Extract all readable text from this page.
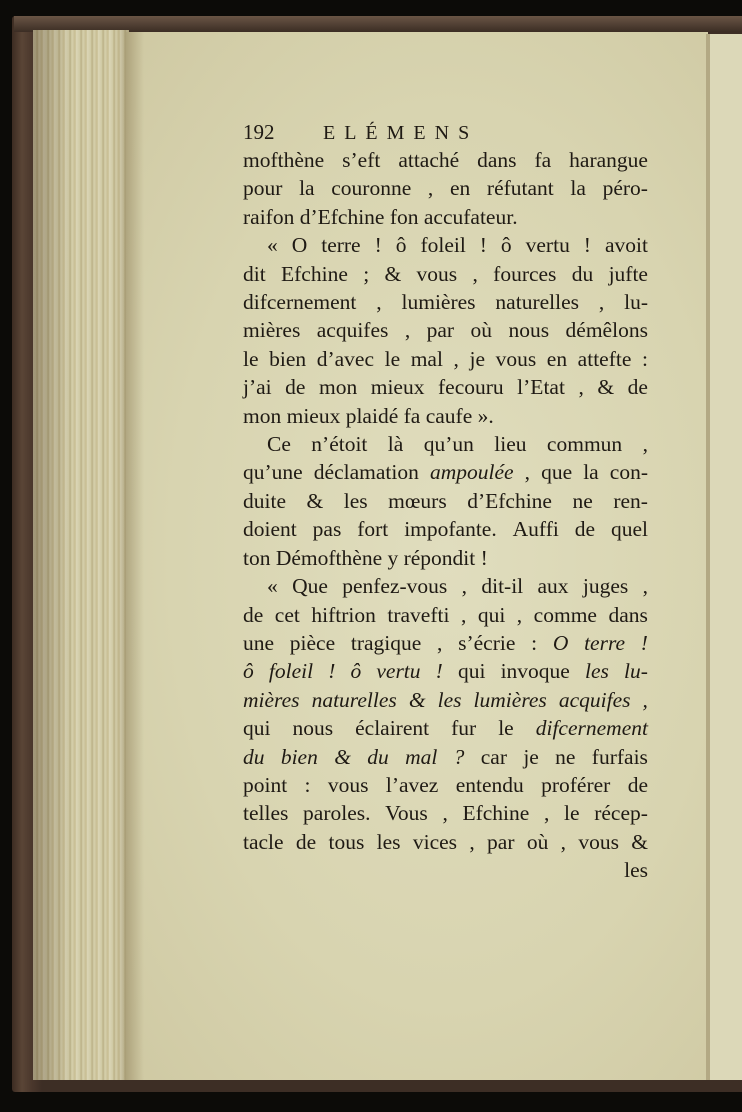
192	ELÉMENS
mofthène s’eft attaché dans fa harangue
pour la couronne , en réfutant la péro-
raifon d’Efchine fon accufateur.
« O terre ! ô foleil ! ô vertu ! avoit
dit Efchine ; & vous , fources du jufte
difcernement , lumières naturelles , lu-
mières acquifes , par où nous démêlons
le bien d’avec le mal , je vous en attefte :
j’ai de mon mieux fecouru l’Etat , & de
mon mieux plaidé fa caufe ».
Ce n’étoit là qu’un lieu commun ,
qu’une déclamation ampoulée , que la con-
duite & les mœurs d’Efchine ne ren-
doient pas fort impofante. Auffi de quel
ton Démofthène y répondit !
« Que penfez-vous , dit-il aux juges ,
de cet hiftrion travefti , qui , comme dans
une pièce tragique , s’écrie : O terre !
ô foleil ! ô vertu ! qui invoque les lu-
mières naturelles & les lumières acquifes ,
qui nous éclairent fur le difcernement
du bien & du mal ? car je ne furfais
point : vous l’avez entendu proférer de
telles paroles. Vous , Efchine , le récep-
tacle de tous les vices , par où , vous &
les
